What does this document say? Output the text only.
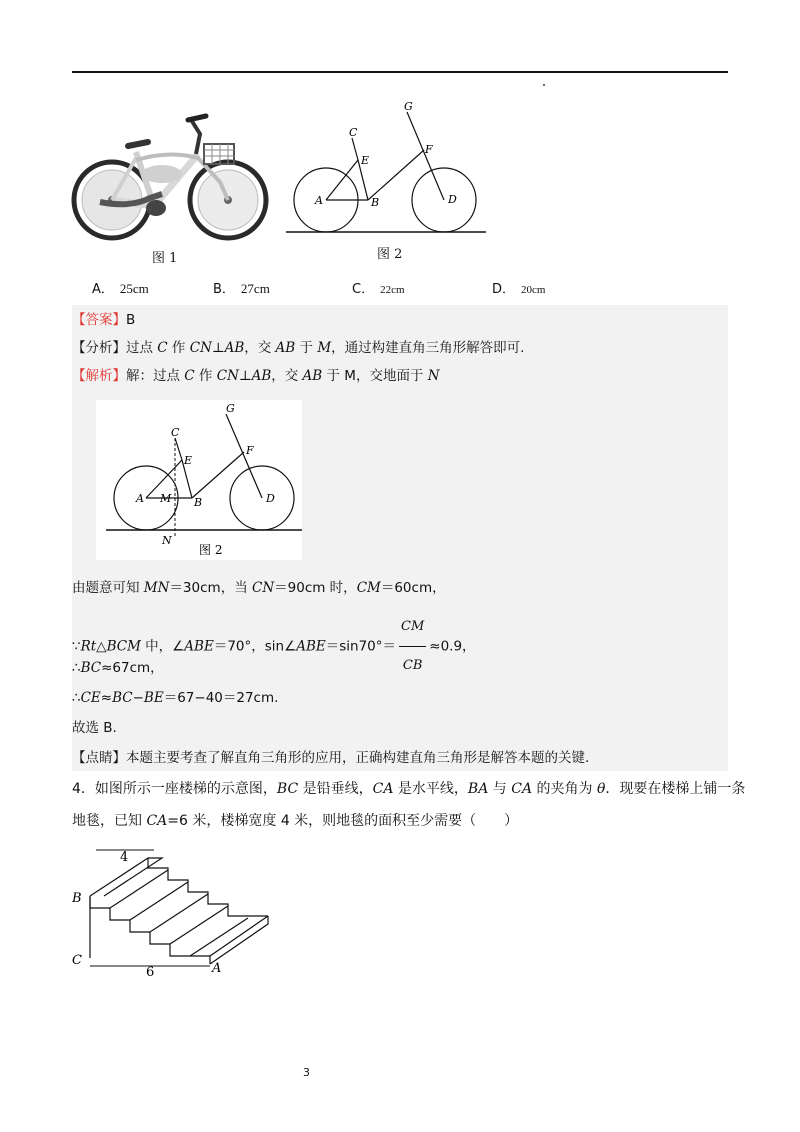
图 1
G
C
E
F
A	B	D
图 2
A． 25cm	B． 27cm	C． 22cm	D． 20cm
【答案】B
【分析】过点 C 作 CN⊥AB，交 AB 于 M，通过构建直角三角形解答即可.
【解析】解：过点 C 作 CN⊥AB，交 AB 于 M，交地面于 N
G
C
E
F
A M B	D
N
图 2
由题意可知 MN＝30cm，当 CN＝90cm 时，CM＝60cm，
∵Rt△BCM 中，∠ABE＝70°，sin∠ABE＝sin70°＝ $\frac{CM}{CB} \approx 0.9$，
∴BC≈67cm，
∴CE≈BC−BE＝67−40＝27cm.
故选 B.
【点睛】本题主要考查了解直角三角形的应用，正确构建直角三角形是解答本题的关键.
4．如图所示一座楼梯的示意图，BC 是铅垂线，CA 是水平线，BA 与 CA 的夹角为 θ．现要在楼梯上铺一条
地毯，已知 CA=6 米，楼梯宽度 4 米，则地毯的面积至少需要（　　）
4
B
C
6	A
3
